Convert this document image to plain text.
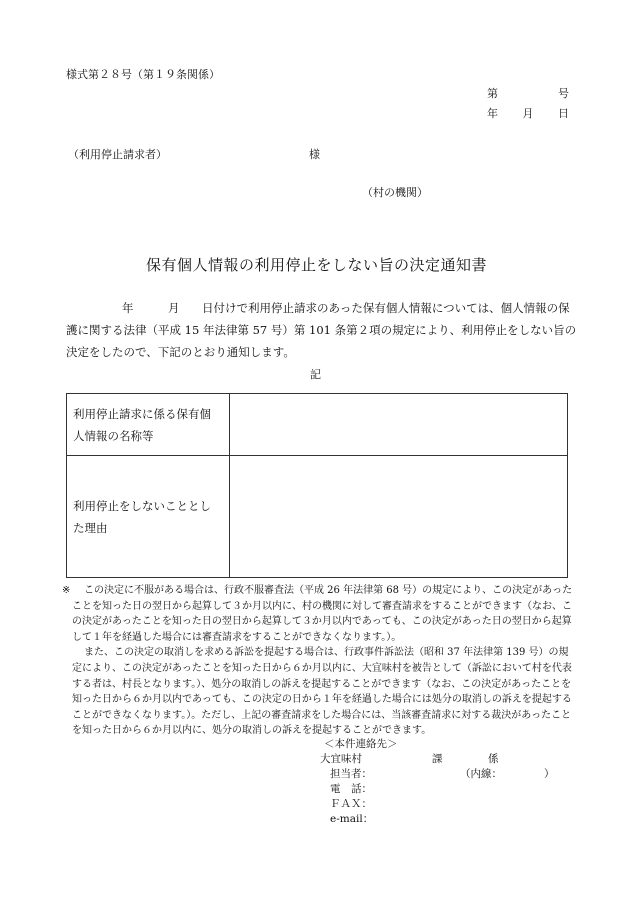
様式第２８号（第１９条関係）
第	号
年 月 日
（利用停止請求者）	様
（村の機関）
保有個人情報の利用停止をしない旨の決定通知書

年	月 日付けで利用停止請求のあった保有個人情報については、個人情報の保

護に関する法律（平成 15 年法律第 57 号）第 101 条第２項の規定により、利用停止をしない旨の

決定をしたので、下記のとおり通知します。

記
利用停止請求に係る保有個
人情報の名称等	

利用停止をしないこととし
た理由	

※	この決定に不服がある場合は、行政不服審査法（平成 26 年法律第 68 号）の規定により、この決定があったことを知った日の翌日から起算して３か月以内に、村の機関に対して審査請求をすることができます（なお、この決定があったことを知った日の翌日から起算して３か月以内であっても、この決定があった日の翌日から起算して１年を経過した場合には審査請求をすることができなくなります。）。

また、この決定の取消しを求める訴訟を提起する場合は、行政事件訴訟法（昭和 37 年法律第 139 号）の規定により、この決定があったことを知った日から６か月以内に、大宜味村を被告として（訴訟において村を代表する者は、村長となります。）、処分の取消しの訴えを提起することができます（なお、この決定があったことを知った日から６か月以内であっても、この決定の日から１年を経過した場合には処分の取消しの訴えを提起することができなくなります。）。ただし、上記の審査請求をした場合には、当該審査請求に対する裁決があったことを知った日から６か月以内に、処分の取消しの訴えを提起することができます。

＜本件連絡先＞
大宜味村	課	係
担当者：	（内線：	）
電　話：
ＦＡＸ：
e-mail：
